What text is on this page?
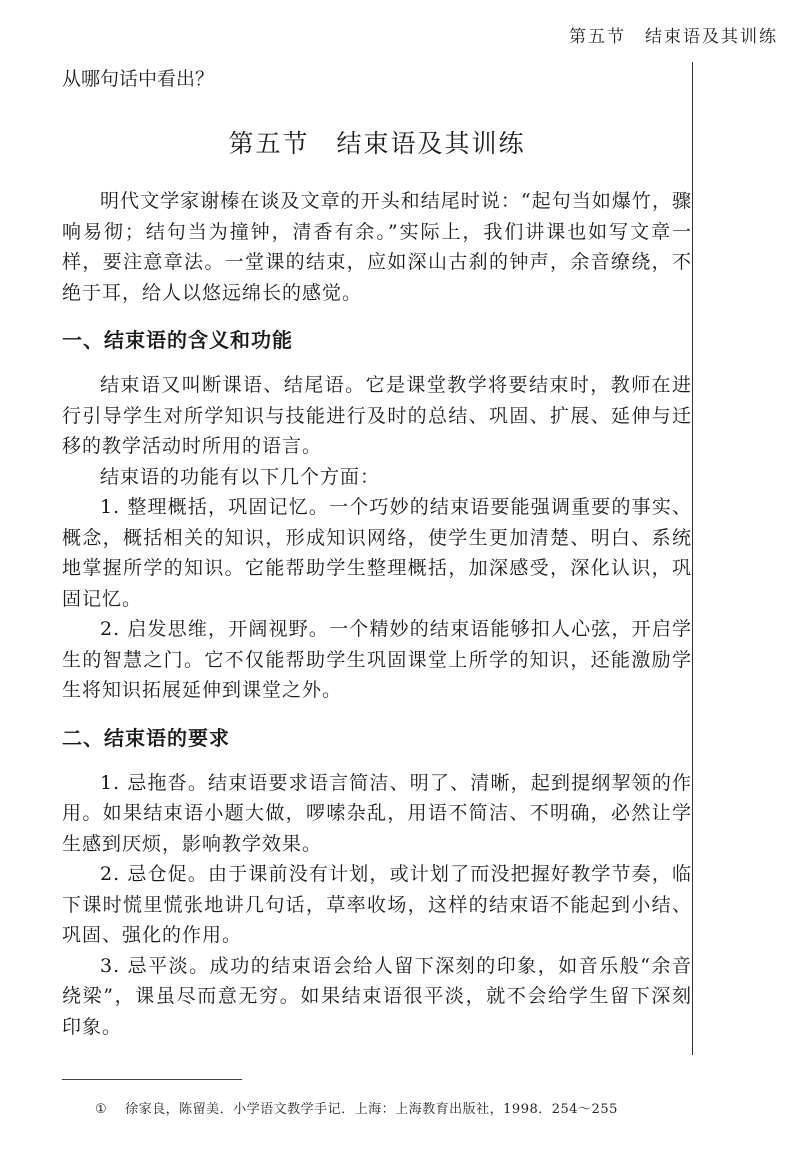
第五节　结束语及其训练

从哪句话中看出？

第五节　结束语及其训练

明代文学家谢榛在谈及文章的开头和结尾时说：“起句当如爆竹，骤响易彻；结句当为撞钟，清香有余。”实际上，我们讲课也如写文章一样，要注意章法。一堂课的结束，应如深山古刹的钟声，余音缭绕，不绝于耳，给人以悠远绵长的感觉。

一、结束语的含义和功能

结束语又叫断课语、结尾语。它是课堂教学将要结束时，教师在进行引导学生对所学知识与技能进行及时的总结、巩固、扩展、延伸与迁移的教学活动时所用的语言。

结束语的功能有以下几个方面：

1. 整理概括，巩固记忆。一个巧妙的结束语要能强调重要的事实、概念，概括相关的知识，形成知识网络，使学生更加清楚、明白、系统地掌握所学的知识。它能帮助学生整理概括，加深感受，深化认识，巩固记忆。

2. 启发思维，开阔视野。一个精妙的结束语能够扣人心弦，开启学生的智慧之门。它不仅能帮助学生巩固课堂上所学的知识，还能激励学生将知识拓展延伸到课堂之外。

二、结束语的要求

1. 忌拖沓。结束语要求语言简洁、明了、清晰，起到提纲挈领的作用。如果结束语小题大做，啰嗦杂乱，用语不简洁、不明确，必然让学生感到厌烦，影响教学效果。

2. 忌仓促。由于课前没有计划，或计划了而没把握好教学节奏，临下课时慌里慌张地讲几句话，草率收场，这样的结束语不能起到小结、巩固、强化的作用。

3. 忌平淡。成功的结束语会给人留下深刻的印象，如音乐般“余音绕梁”，课虽尽而意无穷。如果结束语很平淡，就不会给学生留下深刻印象。

① 徐家良，陈留美．小学语文教学手记．上海：上海教育出版社，1998．254～255
